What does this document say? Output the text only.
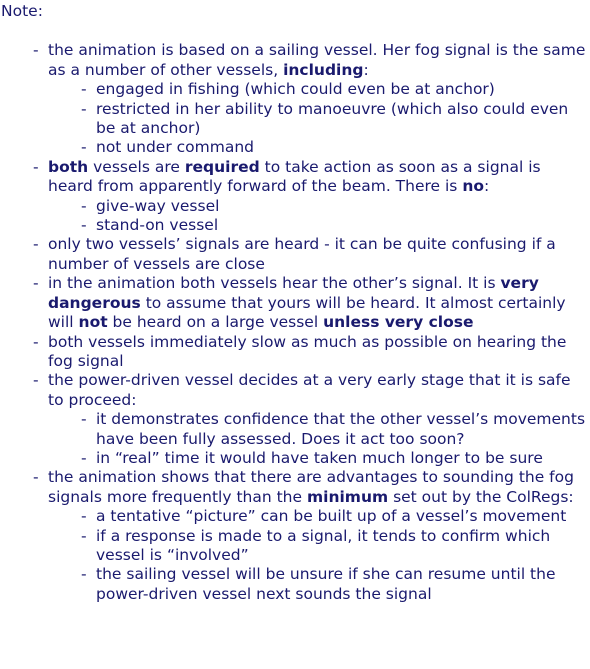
Note:
- the animation is based on a sailing vessel. Her fog signal is the same as a number of other vessels, including:
- engaged in fishing (which could even be at anchor)
- restricted in her ability to manoeuvre (which also could even be at anchor)
- not under command
- both vessels are required to take action as soon as a signal is heard from apparently forward of the beam. There is no:
- give-way vessel
- stand-on vessel
- only two vessels’ signals are heard - it can be quite confusing if a number of vessels are close
- in the animation both vessels hear the other’s signal. It is very dangerous to assume that yours will be heard. It almost certainly will not be heard on a large vessel unless very close
- both vessels immediately slow as much as possible on hearing the fog signal
- the power-driven vessel decides at a very early stage that it is safe to proceed:
- it demonstrates confidence that the other vessel’s movements have been fully assessed. Does it act too soon?
- in “real” time it would have taken much longer to be sure
- the animation shows that there are advantages to sounding the fog signals more frequently than the minimum set out by the ColRegs:
- a tentative “picture” can be built up of a vessel’s movement
- if a response is made to a signal, it tends to confirm which vessel is “involved”
- the sailing vessel will be unsure if she can resume until the power-driven vessel next sounds the signal
